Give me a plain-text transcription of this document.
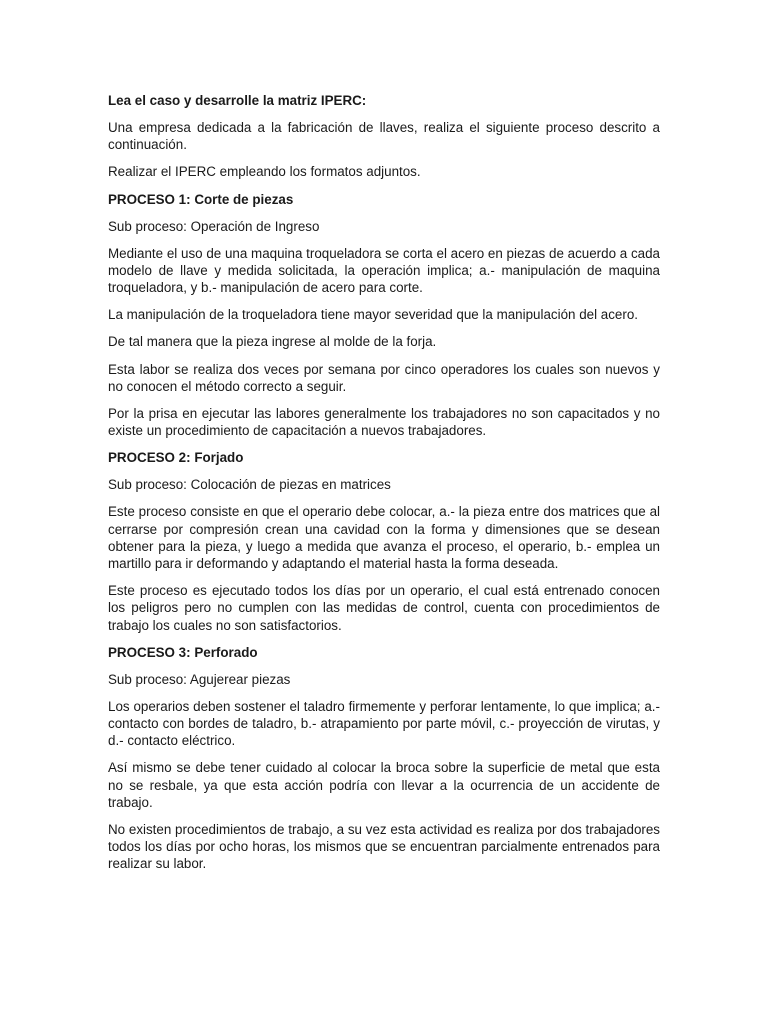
Lea el caso y desarrolle la matriz IPERC:
Una empresa dedicada a la fabricación de llaves, realiza el siguiente proceso descrito a continuación.
Realizar el IPERC empleando los formatos adjuntos.
PROCESO 1: Corte de piezas
Sub proceso: Operación de Ingreso
Mediante el uso de una maquina troqueladora se corta el acero en piezas de acuerdo a cada modelo de llave y medida solicitada, la operación implica; a.- manipulación de maquina troqueladora, y b.- manipulación de acero para corte.
La manipulación de la troqueladora tiene mayor severidad que la manipulación del acero.
De tal manera que la pieza ingrese al molde de la forja.
Esta labor se realiza dos veces por semana por cinco operadores los cuales son nuevos y no conocen el método correcto a seguir.
Por la prisa en ejecutar las labores generalmente los trabajadores no son capacitados y no existe un procedimiento de capacitación a nuevos trabajadores.
PROCESO 2: Forjado
Sub proceso: Colocación de piezas en matrices
Este proceso consiste en que el operario debe colocar, a.- la pieza entre dos matrices que al cerrarse por compresión crean una cavidad con la forma y dimensiones que se desean obtener para la pieza, y luego a medida que avanza el proceso, el operario, b.- emplea un martillo para ir deformando y adaptando el material hasta la forma deseada.
Este proceso es ejecutado todos los días por un operario, el cual está entrenado conocen los peligros pero no cumplen con las medidas de control, cuenta con procedimientos de trabajo los cuales no son satisfactorios.
PROCESO 3: Perforado
Sub proceso: Agujerear piezas
Los operarios deben sostener el taladro firmemente y perforar lentamente, lo que implica; a.- contacto con bordes de taladro, b.- atrapamiento por parte móvil, c.- proyección de virutas, y d.- contacto eléctrico.
Así mismo se debe tener cuidado al colocar la broca sobre la superficie de metal que esta no se resbale, ya que esta acción podría con llevar a la ocurrencia de un accidente de trabajo.
No existen procedimientos de trabajo, a su vez esta actividad es realiza por dos trabajadores todos los días por ocho horas, los mismos que se encuentran parcialmente entrenados para realizar su labor.
